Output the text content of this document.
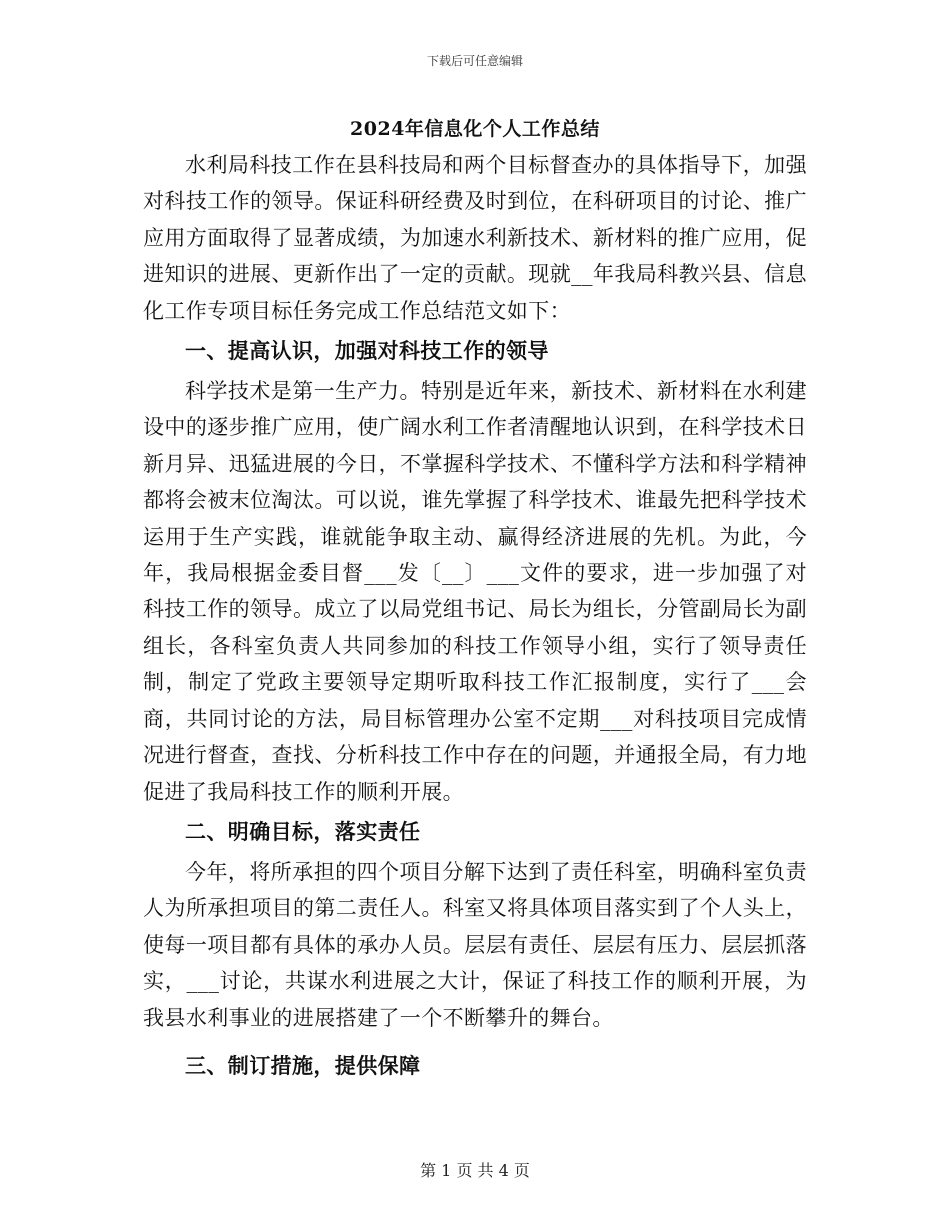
下载后可任意编辑
2024年信息化个人工作总结

水利局科技工作在县科技局和两个目标督查办的具体指导下，加强对科技工作的领导。保证科研经费及时到位，在科研项目的讨论、推广应用方面取得了显著成绩，为加速水利新技术、新材料的推广应用，促进知识的进展、更新作出了一定的贡献。现就__年我局科教兴县、信息化工作专项目标任务完成工作总结范文如下：

一、提高认识，加强对科技工作的领导

科学技术是第一生产力。特别是近年来，新技术、新材料在水利建设中的逐步推广应用，使广阔水利工作者清醒地认识到，在科学技术日新月异、迅猛进展的今日，不掌握科学技术、不懂科学方法和科学精神都将会被末位淘汰。可以说，谁先掌握了科学技术、谁最先把科学技术运用于生产实践，谁就能争取主动、赢得经济进展的先机。为此，今年，我局根据金委目督___发〔__〕___文件的要求，进一步加强了对科技工作的领导。成立了以局党组书记、局长为组长，分管副局长为副组长，各科室负责人共同参加的科技工作领导小组，实行了领导责任制，制定了党政主要领导定期听取科技工作汇报制度，实行了___会商，共同讨论的方法，局目标管理办公室不定期___对科技项目完成情况进行督查，查找、分析科技工作中存在的问题，并通报全局，有力地促进了我局科技工作的顺利开展。

二、明确目标，落实责任

今年，将所承担的四个项目分解下达到了责任科室，明确科室负责人为所承担项目的第二责任人。科室又将具体项目落实到了个人头上，使每一项目都有具体的承办人员。层层有责任、层层有压力、层层抓落实，___讨论，共谋水利进展之大计，保证了科技工作的顺利开展，为我县水利事业的进展搭建了一个不断攀升的舞台。

三、制订措施，提供保障
第 1 页 共 4 页
